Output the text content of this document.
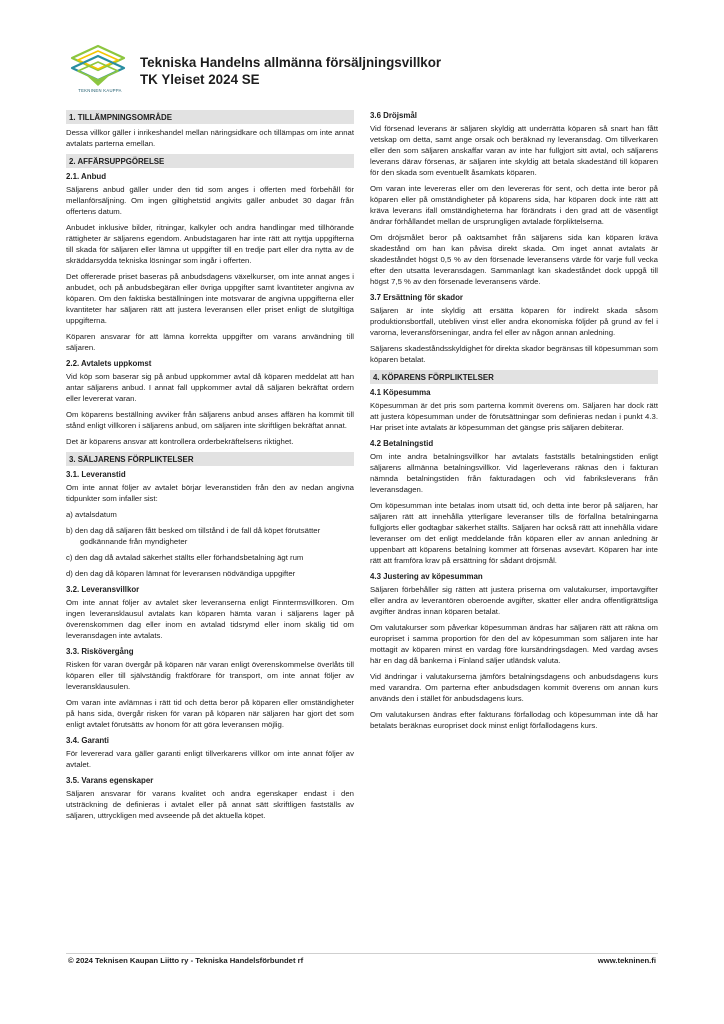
TEKNINEN KAUPPA
Tekniska Handelns allmänna försäljningsvillkor
TK Yleiset 2024 SE
1. TILLÄMPNINGSOMRÅDE
Dessa villkor gäller i inrikeshandel mellan näringsidkare och tillämpas om inte annat avtalats parterna emellan.
2. AFFÄRSUPPGÖRELSE
2.1. Anbud
Säljarens anbud gäller under den tid som anges i offerten med förbehåll för mellanförsäljning. Om ingen giltighetstid angivits gäller anbudet 30 dagar från offertens datum.
Anbudet inklusive bilder, ritningar, kalkyler och andra handlingar med tillhörande rättigheter är säljarens egendom. Anbudstagaren har inte rätt att nyttja uppgifterna till skada för säljaren eller lämna ut uppgifter till en tredje part eller dra nytta av de skräddarsydda tekniska lösningar som ingår i offerten.
Det offererade priset baseras på anbudsdagens växelkurser, om inte annat anges i anbudet, och på anbudsbegäran eller övriga uppgifter samt kvantiteter angivna av köparen. Om den faktiska beställningen inte motsvarar de angivna uppgifterna eller kvantiteter har säljaren rätt att justera leveransen eller priset enligt de slutgiltiga uppgifterna.
Köparen ansvarar för att lämna korrekta uppgifter om varans användning till säljaren.
2.2. Avtalets uppkomst
Vid köp som baserar sig på anbud uppkommer avtal då köparen meddelat att han antar säljarens anbud. I annat fall uppkommer avtal då säljaren bekräftat ordern eller levererat varan.
Om köparens beställning avviker från säljarens anbud anses affären ha kommit till stånd enligt villkoren i säljarens anbud, om säljaren inte skriftligen bekräftat annat.
Det är köparens ansvar att kontrollera orderbekräftelsens riktighet.
3. SÄLJARENS FÖRPLIKTELSER
3.1. Leveranstid
Om inte annat följer av avtalet börjar leveranstiden från den av nedan angivna tidpunkter som infaller sist:
a) avtalsdatum
b) den dag då säljaren fått besked om tillstånd i de fall då köpet förutsätter godkännande från myndigheter
c) den dag då avtalad säkerhet ställts eller förhandsbetalning ägt rum
d) den dag då köparen lämnat för leveransen nödvändiga uppgifter
3.2. Leveransvillkor
Om inte annat följer av avtalet sker leveranserna enligt Finntermsvillkoren. Om ingen leveransklausul avtalats kan köparen hämta varan i säljarens lager på överenskommen dag eller inom en avtalad tidsrymd eller inom skälig tid om leveransdagen inte avtalats.
3.3. Riskövergång
Risken för varan övergår på köparen när varan enligt överenskommelse överlåts till köparen eller till självständig fraktförare för transport, om inte annat följer av leveransklausulen.
Om varan inte avlämnas i rätt tid och detta beror på köparen eller omständigheter på hans sida, övergår risken för varan på köparen när säljaren har gjort det som enligt avtalet förutsätts av honom för att göra leveransen möjlig.
3.4. Garanti
För levererad vara gäller garanti enligt tillverkarens villkor om inte annat följer av avtalet.
3.5. Varans egenskaper
Säljaren ansvarar för varans kvalitet och andra egenskaper endast i den utsträckning de definieras i avtalet eller på annat sätt skriftligen fastställs av säljaren, uttryckligen med avseende på det aktuella köpet.
3.6 Dröjsmål
Vid försenad leverans är säljaren skyldig att underrätta köparen så snart han fått vetskap om detta, samt ange orsak och beräknad ny leveransdag. Om tillverkaren eller den som säljaren anskaffar varan av inte har fullgjort sitt avtal, och säljarens leverans därav försenas, är säljaren inte skyldig att betala skadeständ till köparen för den skada som eventuellt åsamkats köparen.
Om varan inte levereras eller om den levereras för sent, och detta inte beror på köparen eller på omständigheter på köparens sida, har köparen dock inte rätt att kräva leverans ifall omständigheterna har förändrats i den grad att de väsentligt ändrar förhållandet mellan de ursprungligen avtalade förpliktelserna.
Om dröjsmålet beror på oaktsamhet från säljarens sida kan köparen kräva skadestånd om han kan påvisa direkt skada. Om inget annat avtalats är skadeståndet högst 0,5 % av den försenade leveransens värde för varje full vecka efter den utsatta leveransdagen. Sammanlagt kan skadeståndet dock uppgå till högst 7,5 % av den försenade leveransens värde.
3.7 Ersättning för skador
Säljaren är inte skyldig att ersätta köparen för indirekt skada såsom produktionsbortfall, utebliven vinst eller andra ekonomiska följder på grund av fel i varorna, leveransförseningar, andra fel eller av någon annan anledning.
Säljarens skadeståndsskyldighet för direkta skador begränsas till köpesumman som köparen betalat.
4. KÖPARENS FÖRPLIKTELSER
4.1 Köpesumma
Köpesumman är det pris som parterna kommit överens om. Säljaren har dock rätt att justera köpesumman under de förutsättningar som definieras nedan i punkt 4.3. Har priset inte avtalats är köpesumman det gängse pris säljaren debiterar.
4.2 Betalningstid
Om inte andra betalningsvillkor har avtalats fastställs betalningstiden enligt säljarens allmänna betalningsvillkor. Vid lagerleverans räknas den i fakturan nämnda betalningstiden från fakturadagen och vid fabriksleverans från leveransdagen.
Om köpesumman inte betalas inom utsatt tid, och detta inte beror på säljaren, har säljaren rätt att innehålla ytterligare leveranser tills de förfallna betalningarna fullgjorts eller godtagbar säkerhet ställts. Säljaren har också rätt att innehålla vidare leveranser om det enligt meddelande från köparen eller av annan anledning är uppenbart att köparens betalning kommer att försenas avsevärt. Köparen har inte rätt att framföra krav på ersättning för sådant dröjsmål.
4.3 Justering av köpesumman
Säljaren förbehåller sig rätten att justera priserna om valutakurser, importavgifter eller andra av leverantören oberoende avgifter, skatter eller andra offentligrättsliga avgifter ändras innan köparen betalat.
Om valutakurser som påverkar köpesumman ändras har säljaren rätt att räkna om europriset i samma proportion för den del av köpesumman som säljaren inte har mottagit av köparen minst en vardag före kursändringsdagen. Med vardag avses här en dag då bankerna i Finland säljer utländsk valuta.
Vid ändringar i valutakurserna jämförs betalningsdagens och anbudsdagens kurs med varandra. Om parterna efter anbudsdagen kommit överens om annan kurs används den i stället för anbudsdagens kurs.
Om valutakursen ändras efter fakturans förfallodag och köpesumman inte då har betalats beräknas europriset dock minst enligt förfallodagens kurs.
© 2024 Teknisen Kaupan Liitto ry - Tekniska Handelsförbundet rf	www.tekninen.fi
